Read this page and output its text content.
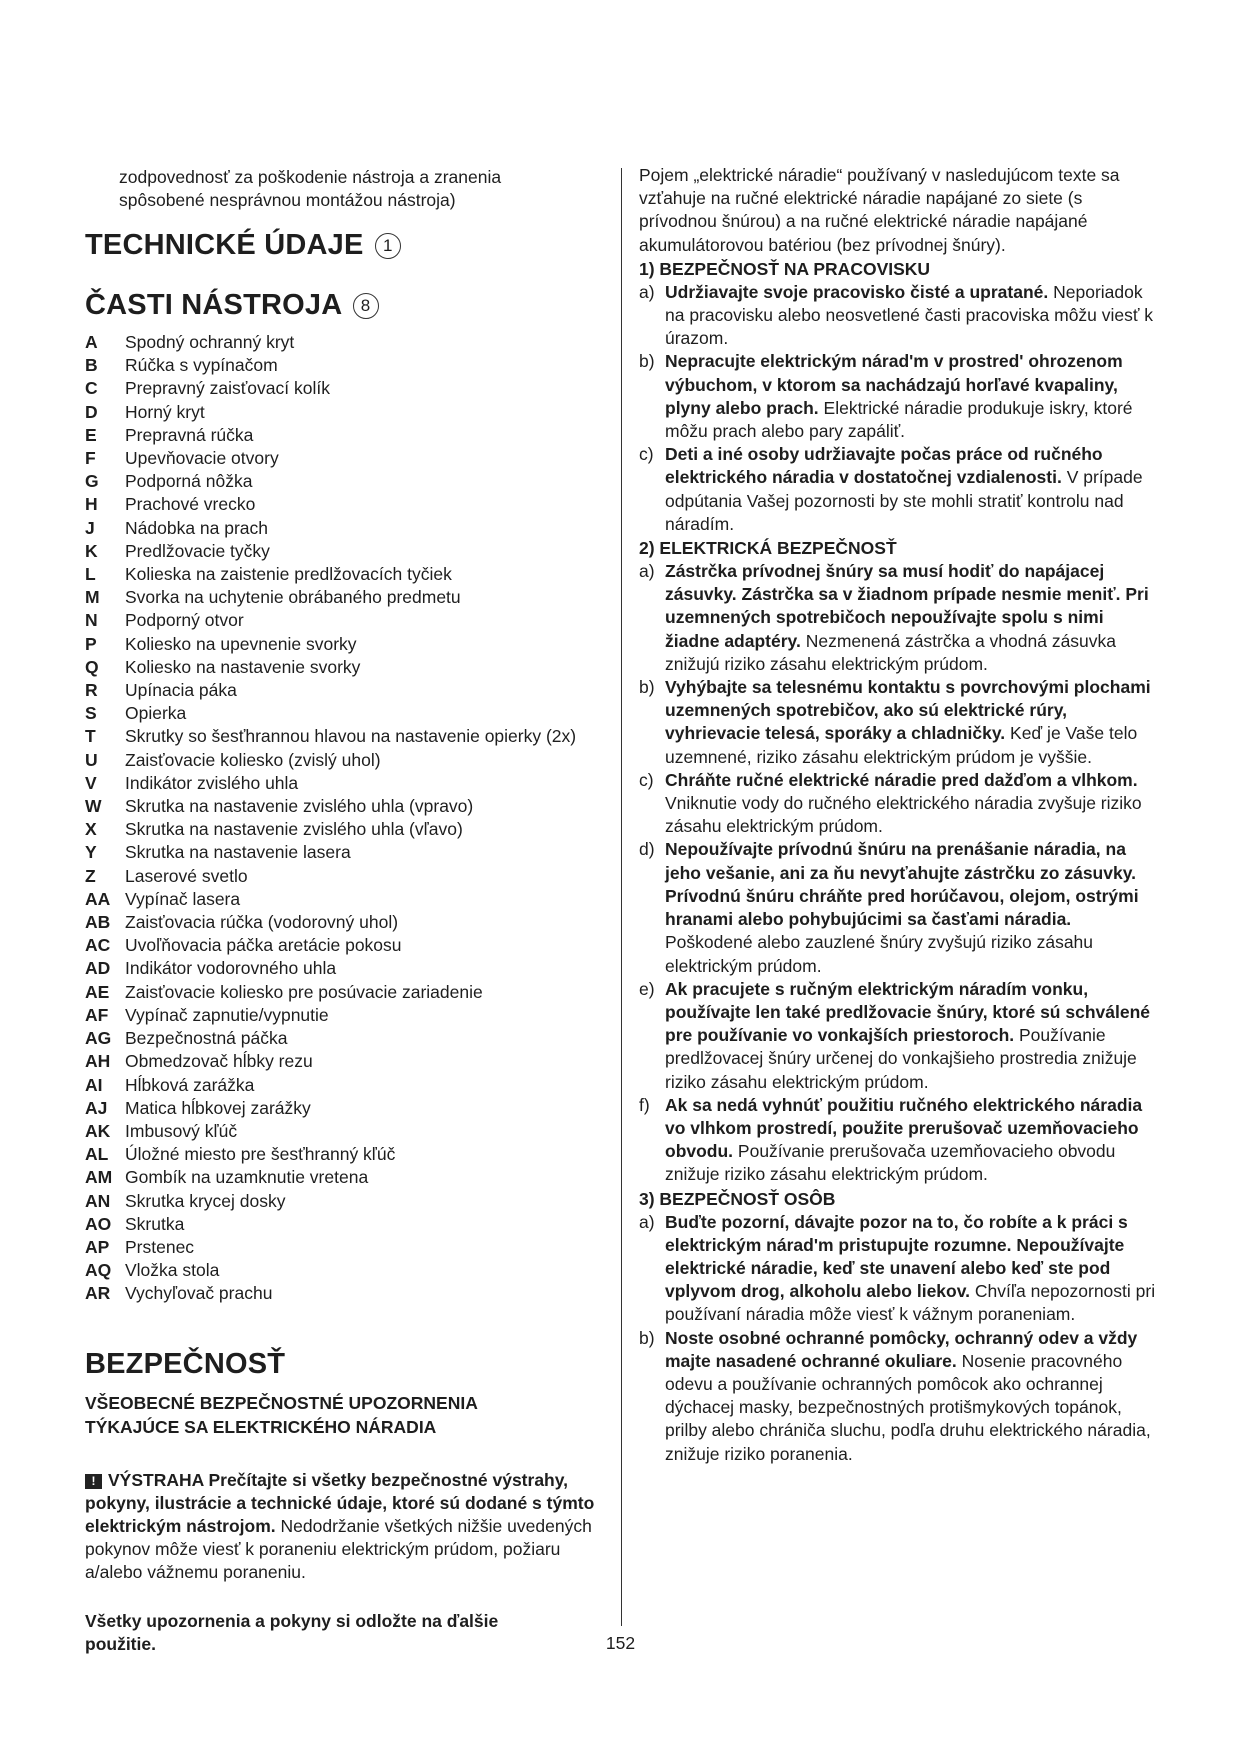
zodpovednosť za poškodenie nástroja a zranenia spôsobené nesprávnou montážou nástroja)
TECHNICKÉ ÚDAJE 1
ČASTI NÁSTROJA 8
A	Spodný ochranný kryt
B	Rúčka s vypínačom
C	Prepravný zaisťovací kolík
D	Horný kryt
E	Prepravná rúčka
F	Upevňovacie otvory
G	Podporná nôžka
H	Prachové vrecko
J	Nádobka na prach
K	Predlžovacie tyčky
L	Kolieska na zaistenie predlžovacích tyčiek
M	Svorka na uchytenie obrábaného predmetu
N	Podporný otvor
P	Koliesko na upevnenie svorky
Q	Koliesko na nastavenie svorky
R	Upínacia páka
S	Opierka
T	Skrutky so šesťhrannou hlavou na nastavenie opierky (2x)
U	Zaisťovacie koliesko (zvislý uhol)
V	Indikátor zvislého uhla
W	Skrutka na nastavenie zvislého uhla (vpravo)
X	Skrutka na nastavenie zvislého uhla (vľavo)
Y	Skrutka na nastavenie lasera
Z	Laserové svetlo
AA Vypínač lasera
AB Zaisťovacia rúčka (vodorovný uhol)
AC Uvoľňovacia páčka aretácie pokosu
AD Indikátor vodorovného uhla
AE Zaisťovacie koliesko pre posúvacie zariadenie
AF Vypínač zapnutie/vypnutie
AG Bezpečnostná páčka
AH Obmedzovač hĺbky rezu
AI	Hĺbková zarážka
AJ	Matica hĺbkovej zarážky
AK Imbusový kľúč
AL Úložné miesto pre šesťhranný kľúč
AM Gombík na uzamknutie vretena
AN Skrutka krycej dosky
AO Skrutka
AP Prstenec
AQ Vložka stola
AR Vychyľovač prachu
BEZPEČNOSŤ
VŠEOBECNÉ BEZPEČNOSTNÉ UPOZORNENIA TÝKAJÚCE SA ELEKTRICKÉHO NÁRADIA
! VÝSTRAHA Prečítajte si všetky bezpečnostné výstrahy, pokyny, ilustrácie a technické údaje, ktoré sú dodané s týmto elektrickým nástrojom. Nedodržanie všetkých nižšie uvedených pokynov môže viesť k poraneniu elektrickým prúdom, požiaru a/alebo vážnemu poraneniu.
Všetky upozornenia a pokyny si odložte na ďalšie použitie.
Pojem „elektrické náradie“ používaný v nasledujúcom texte sa vzťahuje na ručné elektrické náradie napájané zo siete (s prívodnou šnúrou) a na ručné elektrické náradie napájané akumulátorovou batériou (bez prívodnej šnúry).
1) BEZPEČNOSŤ NA PRACOVISKU
a) Udržiavajte svoje pracovisko čisté a upratané. Neporiadok na pracovisku alebo neosvetlené časti pracoviska môžu viesť k úrazom.
b) Nepracujte elektrickým nárad'm v prostred' ohrozenom výbuchom, v ktorom sa nachádzajú horľavé kvapaliny, plyny alebo prach. Elektrické náradie produkuje iskry, ktoré môžu prach alebo pary zapáliť.
c) Deti a iné osoby udržiavajte počas práce od ručného elektrického náradia v dostatočnej vzdialenosti. V prípade odpútania Vašej pozornosti by ste mohli stratiť kontrolu nad náradím.
2) ELEKTRICKÁ BEZPEČNOSŤ
a) Zástrčka prívodnej šnúry sa musí hodiť do napájacej zásuvky. Zástrčka sa v žiadnom prípade nesmie meniť. Pri uzemnených spotrebičoch nepoužívajte spolu s nimi žiadne adaptéry. Nezmenená zástrčka a vhodná zásuvka znižujú riziko zásahu elektrickým prúdom.
b) Vyhýbajte sa telesnému kontaktu s povrchovými plochami uzemnených spotrebičov, ako sú elektrické rúry, vyhrievacie telesá, sporáky a chladničky. Keď je Vaše telo uzemnené, riziko zásahu elektrickým prúdom je vyššie.
c) Chráňte ručné elektrické náradie pred dažďom a vlhkom. Vniknutie vody do ručného elektrického náradia zvyšuje riziko zásahu elektrickým prúdom.
d) Nepoužívajte prívodnú šnúru na prenášanie náradia, na jeho vešanie, ani za ňu nevyťahujte zástrčku zo zásuvky. Prívodnú šnúru chráňte pred horúčavou, olejom, ostrými hranami alebo pohybujúcimi sa časťami náradia. Poškodené alebo zauzlené šnúry zvyšujú riziko zásahu elektrickým prúdom.
e) Ak pracujete s ručným elektrickým náradím vonku, používajte len také predlžovacie šnúry, ktoré sú schválené pre používanie vo vonkajších priestoroch. Používanie predlžovacej šnúry určenej do vonkajšieho prostredia znižuje riziko zásahu elektrickým prúdom.
f) Ak sa nedá vyhnúť použitiu ručného elektrického náradia vo vlhkom prostredí, použite prerušovač uzemňovacieho obvodu. Používanie prerušovača uzemňovacieho obvodu znižuje riziko zásahu elektrickým prúdom.
3) BEZPEČNOSŤ OSÔB
a) Buďte pozorní, dávajte pozor na to, čo robíte a k práci s elektrickým nárad'm pristupujte rozumne. Nepoužívajte elektrické náradie, keď ste unavení alebo keď ste pod vplyvom drog, alkoholu alebo liekov. Chvíľa nepozornosti pri používaní náradia môže viesť k vážnym poraneniam.
b) Noste osobné ochranné pomôcky, ochranný odev a vždy majte nasadené ochranné okuliare. Nosenie pracovného odevu a používanie ochranných pomôcok ako ochrannej dýchacej masky, bezpečnostných protišmykových topánok, prilby alebo chrániča sluchu, podľa druhu elektrického náradia, znižuje riziko poranenia.
152
